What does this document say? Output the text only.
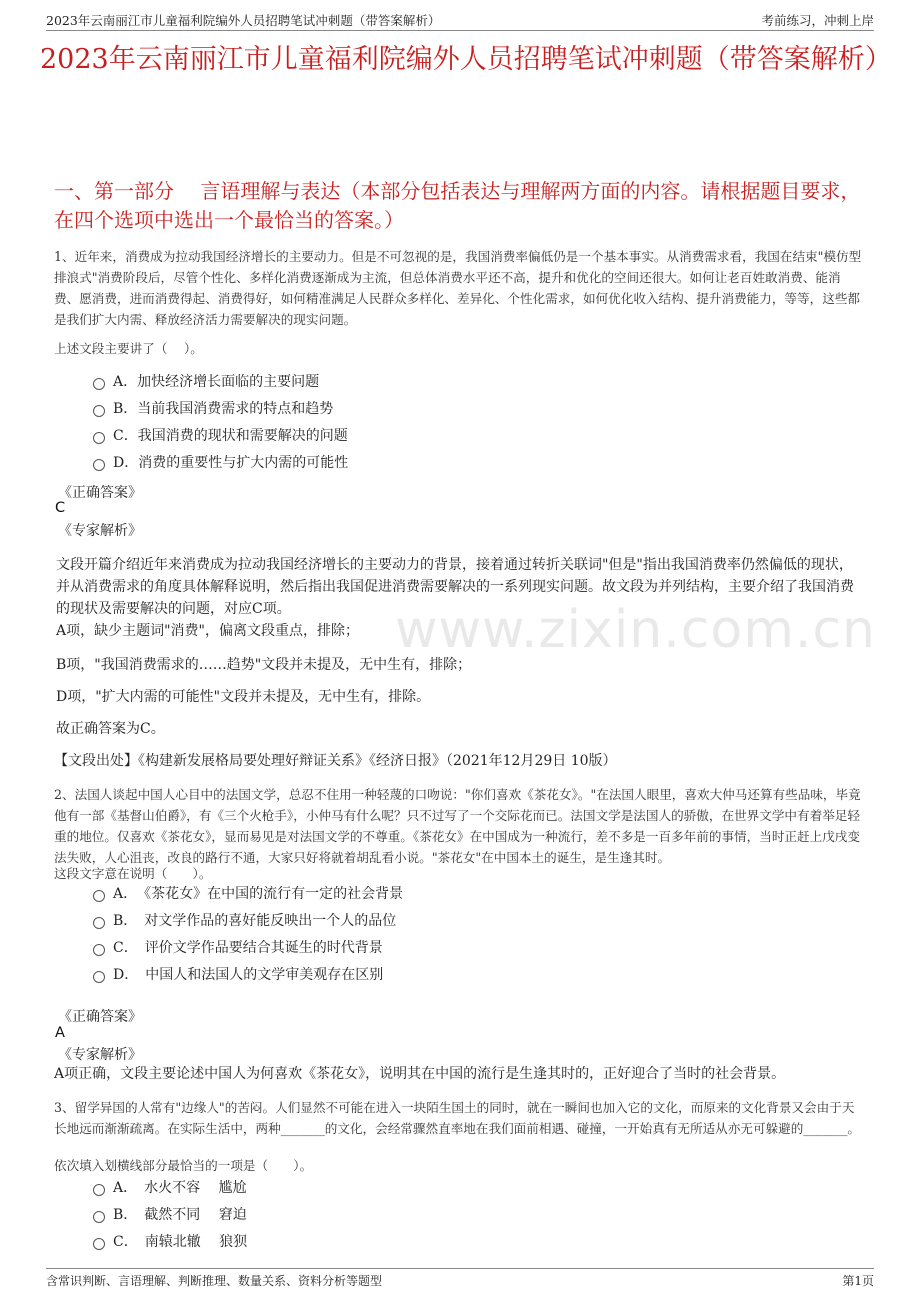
2023年云南丽江市儿童福利院编外人员招聘笔试冲刺题（带答案解析）	考前练习，冲刺上岸
www.zixin.com.cn
2023年云南丽江市儿童福利院编外人员招聘笔试冲刺题（带答案解析）
一、第一部分　 言语理解与表达（本部分包括表达与理解两方面的内容。请根据题目要求，在四个选项中选出一个最恰当的答案。）
1、近年来，消费成为拉动我国经济增长的主要动力。但是不可忽视的是，我国消费率偏低仍是一个基本事实。从消费需求看，我国在结束"模仿型排浪式"消费阶段后，尽管个性化、多样化消费逐渐成为主流，但总体消费水平还不高，提升和优化的空间还很大。如何让老百姓敢消费、能消费、愿消费，进而消费得起、消费得好，如何精准满足人民群众多样化、差异化、个性化需求，如何优化收入结构、提升消费能力，等等，这些都是我们扩大内需、释放经济活力需要解决的现实问题。
上述文段主要讲了（　 ）。
A．加快经济增长面临的主要问题
B．当前我国消费需求的特点和趋势
C．我国消费的现状和需要解决的问题
D．消费的重要性与扩大内需的可能性
《正确答案》
C
《专家解析》
文段开篇介绍近年来消费成为拉动我国经济增长的主要动力的背景，接着通过转折关联词"但是"指出我国消费率仍然偏低的现状，并从消费需求的角度具体解释说明，然后指出我国促进消费需要解决的一系列现实问题。故文段为并列结构，主要介绍了我国消费的现状及需要解决的问题，对应C项。
A项，缺少主题词"消费"，偏离文段重点，排除；
B项，"我国消费需求的……趋势"文段并未提及，无中生有，排除；
D项，"扩大内需的可能性"文段并未提及，无中生有，排除。
故正确答案为C。
【文段出处】《构建新发展格局要处理好辩证关系》《经济日报》（2021年12月29日 10版）
2、法国人谈起中国人心目中的法国文学，总忍不住用一种轻蔑的口吻说："你们喜欢《茶花女》。"在法国人眼里，喜欢大仲马还算有些品味，毕竟他有一部《基督山伯爵》，有《三个火枪手》，小仲马有什么呢？只不过写了一个交际花而已。法国文学是法国人的骄傲，在世界文学中有着举足轻重的地位。仅喜欢《茶花女》，显而易见是对法国文学的不尊重。《茶花女》在中国成为一种流行，差不多是一百多年前的事情，当时正赶上戊戌变法失败，人心沮丧，改良的路行不通，大家只好将就着胡乱看小说。"茶花女"在中国本土的诞生，是生逢其时。
这段文字意在说明（　　）。
A．　《茶花女》在中国的流行有一定的社会背景
B．　对文学作品的喜好能反映出一个人的品位
C．　评价文学作品要结合其诞生的时代背景
D．　中国人和法国人的文学审美观存在区别
《正确答案》
A
《专家解析》
A项正确，文段主要论述中国人为何喜欢《茶花女》，说明其在中国的流行是生逢其时的，正好迎合了当时的社会背景。
3、留学异国的人常有"边缘人"的苦闷。人们显然不可能在进入一块陌生国土的同时，就在一瞬间也加入它的文化，而原来的文化背景又会由于天长地远而渐渐疏离。在实际生活中，两种_______的文化，会经常骤然直率地在我们面前相遇、碰撞，一开始真有无所适从亦无可躲避的_______。
依次填入划横线部分最恰当的一项是（　　）。
A．　水火不容　 尴尬
B．　截然不同　 窘迫
C．　南辕北辙　 狼狈
含常识判断、言语理解、判断推理、数量关系、资料分析等题型	第1页
